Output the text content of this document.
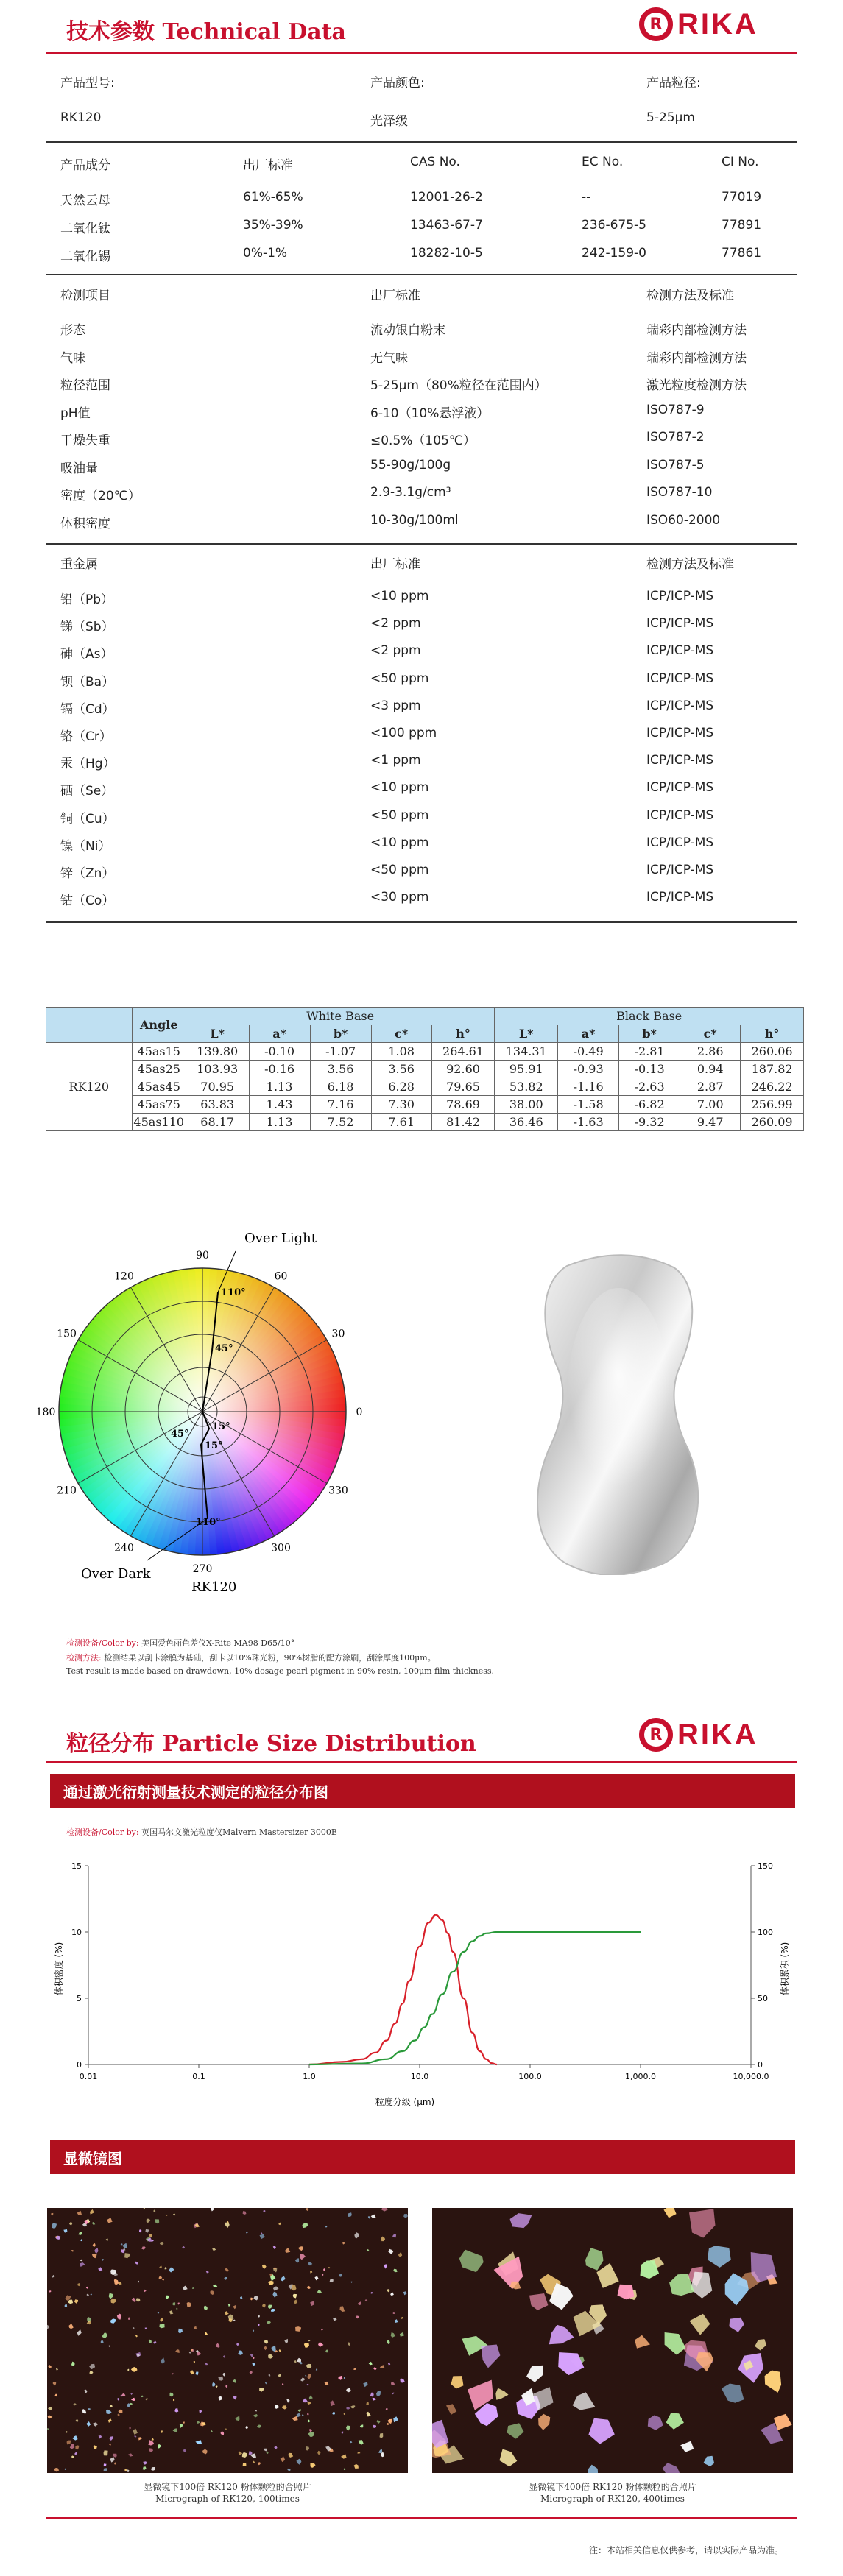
技术参数 Technical Data	R RIKA
产品型号:	产品颜色:	产品粒径:
RK120	光泽级	5-25μm
产品成分	出厂标准	CAS No.	EC No.	CI No.
天然云母	61%-65%	12001-26-2	--	77019
二氧化钛	35%-39%	13463-67-7	236-675-5	77891
二氧化锡	0%-1%	18282-10-5	242-159-0	77861
检测项目	出厂标准	检测方法及标准
形态	流动银白粉末	瑞彩内部检测方法
气味	无气味	瑞彩内部检测方法
粒径范围	5-25μm（80%粒径在范围内）	激光粒度检测方法
pH值	6-10（10%悬浮液）	ISO787-9
干燥失重	≤0.5%（105℃）	ISO787-2
吸油量	55-90g/100g	ISO787-5
密度（20℃）	2.9-3.1g/cm³	ISO787-10
体积密度	10-30g/100ml	ISO60-2000
重金属	出厂标准	检测方法及标准
铅（Pb）	<10 ppm	ICP/ICP-MS
锑（Sb）	<2 ppm	ICP/ICP-MS
砷（As）	<2 ppm	ICP/ICP-MS
钡（Ba）	<50 ppm	ICP/ICP-MS
镉（Cd）	<3 ppm	ICP/ICP-MS
铬（Cr）	<100 ppm	ICP/ICP-MS
汞（Hg）	<1 ppm	ICP/ICP-MS
硒（Se）	<10 ppm	ICP/ICP-MS
铜（Cu）	<50 ppm	ICP/ICP-MS
镍（Ni）	<10 ppm	ICP/ICP-MS
锌（Zn）	<50 ppm	ICP/ICP-MS
钴（Co）	<30 ppm	ICP/ICP-MS
	Angle	White Base					Black Base				
		L*	a*	b*	c*	h°	L*	a*	b*	c*	h°
RK120	45as15	139.80	-0.10	-1.07	1.08	264.61	134.31	-0.49	-2.81	2.86	260.06
	45as25	103.93	-0.16	3.56	3.56	92.60	95.91	-0.93	-0.13	0.94	187.82
	45as45	70.95	1.13	6.18	6.28	79.65	53.82	-1.16	-2.63	2.87	246.22
	45as75	63.83	1.43	7.16	7.30	78.69	38.00	-1.58	-6.82	7.00	256.99
	45as110	68.17	1.13	7.52	7.61	81.42	36.46	-1.63	-9.32	9.47	260.09
0
30
60
90
120
150
180
210
240
270
300
330
Over Light
Over Dark
RK120
110°
45°
15°
15°
45°
110°
检测设备/Color by: 美国爱色丽色差仪X-Rite MA98 D65/10°
检测方法: 检测结果以刮卡涂膜为基础，刮卡以10%珠光粉，90%树脂的配方涂刷，刮涂厚度100μm。
Test result is made based on drawdown, 10% dosage pearl pigment in 90% resin, 100μm film thickness.
粒径分布 Particle Size Distribution	R RIKA
通过激光衍射测量技术测定的粒径分布图
检测设备/Color by: 英国马尔文激光粒度仪Malvern Mastersizer 3000E
0.01	0.1	1.0	10.0	100.0	1,000.0	10,000.0
0
5
10
15
0
50
100
150
粒度分级 (μm)
体积密度 (%)	体积累积 (%)
显微镜图
显微镜下100倍 RK120 粉体颗粒的合照片
Micrograph of RK120, 100times
显微镜下400倍 RK120 粉体颗粒的合照片
Micrograph of RK120, 400times
注：本站相关信息仅供参考，请以实际产品为准。
